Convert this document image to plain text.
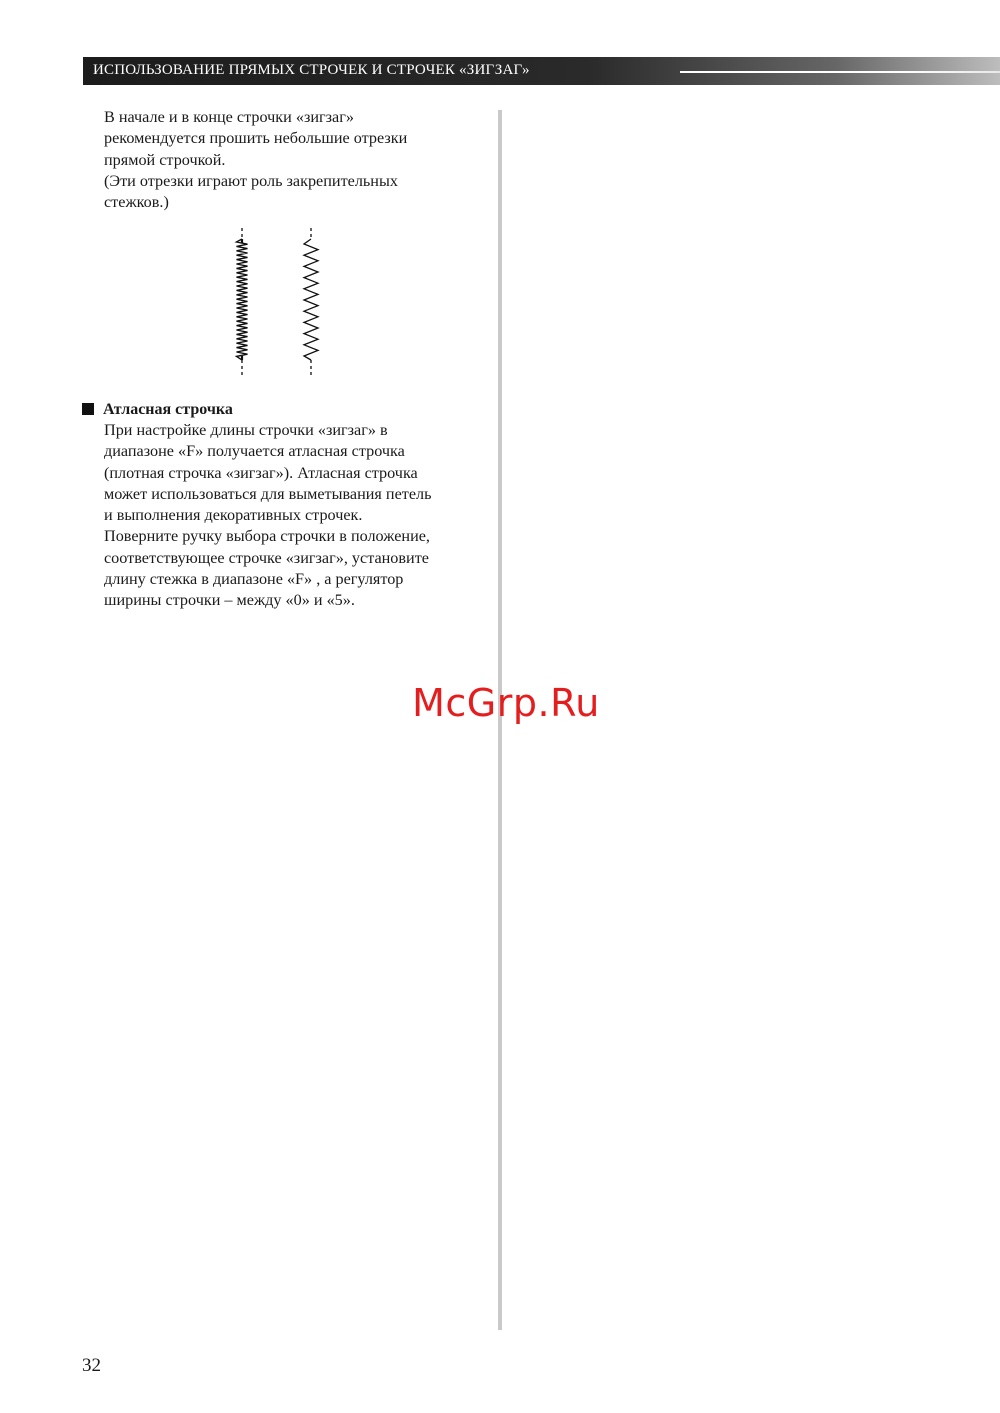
ИСПОЛЬЗОВАНИЕ ПРЯМЫХ СТРОЧЕК И СТРОЧЕК «ЗИГЗАГ»

В начале и в конце строчки «зигзаг»
рекомендуется прошить небольшие отрезки
прямой строчкой.
(Эти отрезки играют роль закрепительных
стежков.)

Атласная строчка

При настройке длины строчки «зигзаг» в
диапазоне «F» получается атласная строчка
(плотная строчка «зигзаг»). Атласная строчка
может использоваться для выметывания петель
и выполнения декоративных строчек.
Поверните ручку выбора строчки в положение,
соответствующее строчке «зигзаг», установите
длину стежка в диапазоне «F» , а регулятор
ширины строчки – между «0» и «5».

McGrp.Ru
32
